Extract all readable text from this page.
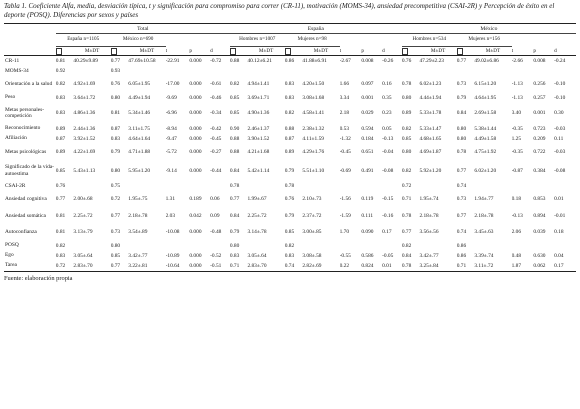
Tabla 1. Coeficiente Alfa, media, desviación típica, t y significación para compromiso para correr (CR-11), motivación (MOMS-34), ansiedad precompetitiva (CSAI-2R) y Percepción de éxito en el deporte (POSQ). Diferencias por sexos y países

	Total							España							México						
	España n=1105		México n=690					Hombres n=1007		Mujeres n=98					Hombres n=534		Mujeres n=156				
		M±DT		M±DT	t	p	d		M±DT		M±DT	t	p	d		M±DT		M±DT	t	p	d
CR-11	0.81	40.29±9.89	0.77	47.69±10.58	-22.91	0.000	-0.72	0.88	40.12±6.21	0.86	41.88±6.91	-2.67	0.008	-0.26	0.76	47.29±2.23	0.77	49.02±6.86	-2.66	0.008	-0.24
MOMS-34	0.92		0.93																		
Orientación a la salud	0.82	4.92±1.69	0.76	6.05±1.95	-17.00	0.000	-0.61	0.82	4.94±1.41	0.83	4.20±1.50	1.66	0.097	0.16	0.78	6.02±1.23	0.73	6.15±1.20	-1.13	0.256	-0.10
Peso	0.83	3.64±1.72	0.80	4.49±1.94	-9.69	0.000	-0.46	0.85	3.69±1.71	0.83	3.08±1.68	3.34	0.001	0.35	0.80	4.44±1.94	0.79	4.64±1.95	-1.13	0.257	-0.10
Metas personales-competición	0.83	4.86±1.36	0.81	5.34±1.46	-6.96	0.000	-0.34	0.85	4.90±1.36	0.82	4.58±1.41	2.18	0.029	0.23	0.89	5.33±1.78	0.84	2.69±1.58	3.40	0.001	0.30
Reconocimiento	0.89	2.44±1.36	0.87	3.11±1.75	-8.94	0.000	-0.42	0.90	2.46±1.37	0.88	2.38±1.32	0.53	0.594	0.05	0.82	5.33±1.47	0.80	5.38±1.44	-0.35	0.723	-0.03
Afiliación	0.87	3.92±1.52	0.83	4.64±1.64	-9.47	0.000	-0.45	0.88	3.90±1.52	0.87	4.11±1.59	-1.32	0.184	-0.13	0.85	4.68±1.65	0.80	4.49±1.58	1.25	0.209	0.11
Metas psicológicas	0.89	4.22±1.69	0.79	4.71±1.88	-5.72	0.000	-0.27	0.88	4.21±1.68	0.89	4.29±1.76	-0.45	0.651	-0.04	0.80	4.69±1.87	0.78	4.75±1.92	-0.35	0.722	-0.03
Significado de la vida-autoestima	0.85	5.43±1.13	0.80	5.95±1.20	-9.14	0.000	-0.44	0.84	5.42±1.14	0.79	5.51±1.10	-0.69	0.491	-0.08	0.82	5.92±1.20	0.77	6.02±1.20	-0.87	0.384	-0.08
CSAI-2R	0.76		0.75					0.78		0.78					0.72		0.74				
Ansiedad cognitiva	0.77	2.00±.68	0.72	1.95±.75	1.31	0.189	0.06	0.77	1.99±.67	0.76	2.10±.73	-1.56	0.119	-0.15	0.71	1.95±.74	0.73	1.94±.77	0.18	0.853	0.01
Ansiedad somática	0.81	2.25±.72	0.77	2.18±.78	2.03	0.042	0.09	0.84	2.25±.72	0.79	2.37±.72	-1.59	0.111	-0.16	0.78	2.18±.78	0.77	2.18±.78	-0.13	0.894	-0.01
Autoconfianza	0.81	3.13±.79	0.73	3.54±.89	-10.08	0.000	-0.48	0.79	3.14±.78	0.85	3.00±.85	1.70	0.090	0.17	0.77	3.56±.56	0.74	3.45±.63	2.06	0.039	0.18
POSQ	0.82		0.80					0.80		0.82					0.82		0.86				
Ego	0.83	3.05±.64	0.85	3.42±.77	-10.89	0.000	-0.52	0.83	3.05±.64	0.83	3.08±.58	-0.55	0.586	-0.05	0.84	3.42±.77	0.86	3.39±.74	0.48	0.630	0.04
Tarea	0.72	2.83±.70	0.77	3.22±.81	-10.64	0.000	-0.51	0.71	2.83±.70	0.74	2.82±.69	0.22	0.824	0.01	0.78	3.25±.84	0.71	3.11±.72	1.87	0.062	0.17
Fuente: elaboración propia
